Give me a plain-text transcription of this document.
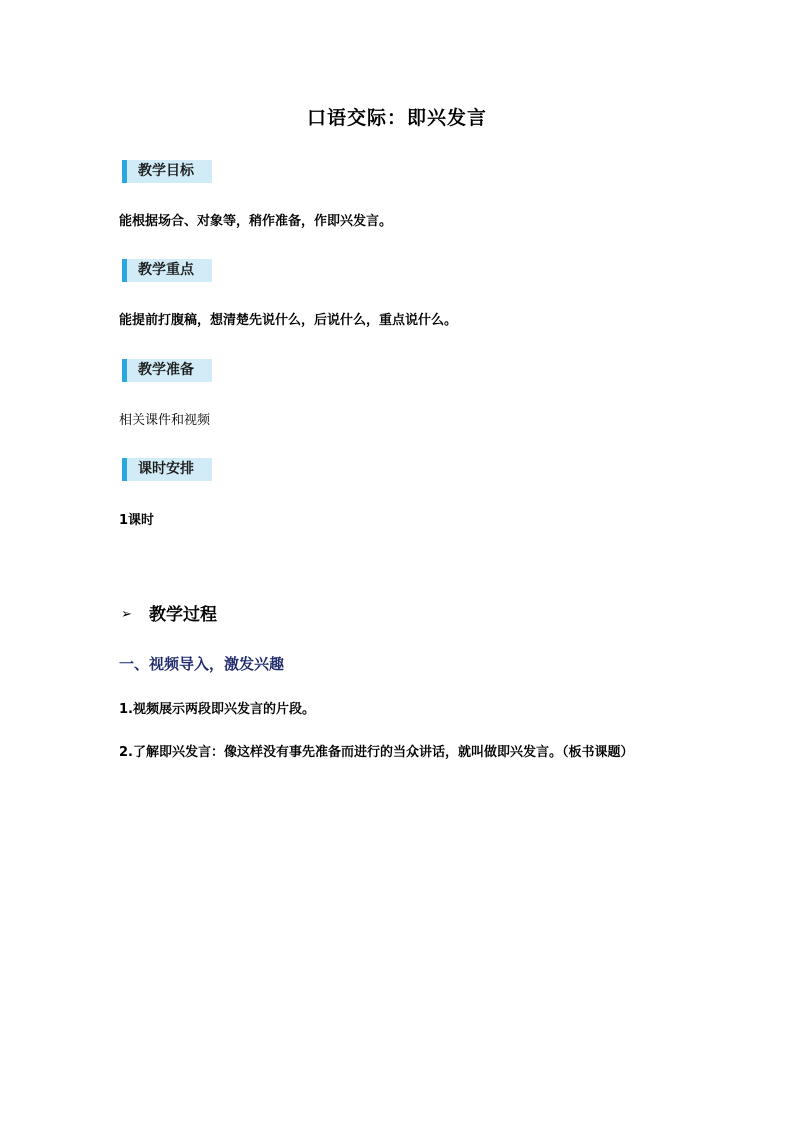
口语交际：即兴发言
教学目标
能根据场合、对象等，稍作准备，作即兴发言。
教学重点
能提前打腹稿，想清楚先说什么，后说什么，重点说什么。
教学准备
相关课件和视频
课时安排
1课时
➢ 教学过程
一、视频导入，激发兴趣
1.视频展示两段即兴发言的片段。
2.了解即兴发言：像这样没有事先准备而进行的当众讲话，就叫做即兴发言。（板书课题）
